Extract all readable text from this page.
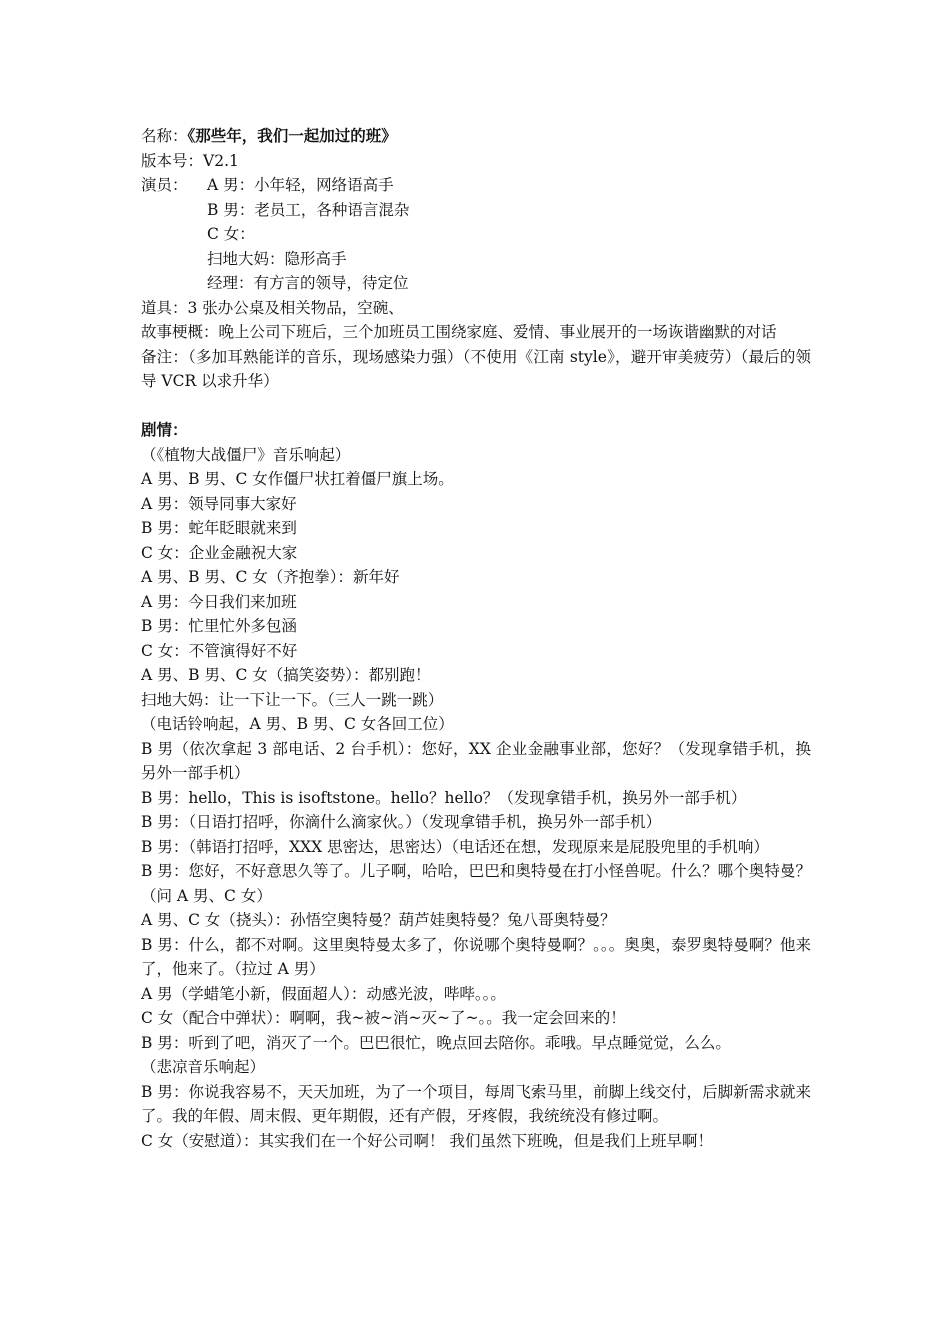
名称：《那些年，我们一起加过的班》
版本号：V2.1
演员：	A 男：小年轻，网络语高手
B 男：老员工，各种语言混杂
C 女：
扫地大妈：隐形高手
经理：有方言的领导，待定位
道具：3 张办公桌及相关物品，空碗、
故事梗概：晚上公司下班后，三个加班员工围绕家庭、爱情、事业展开的一场诙谐幽默的对话
备注：（多加耳熟能详的音乐，现场感染力强）（不使用《江南 style》，避开审美疲劳）（最后的领导 VCR 以求升华）
剧情：
（《植物大战僵尸》音乐响起）
A 男、B 男、C 女作僵尸状扛着僵尸旗上场。
A 男：领导同事大家好
B 男：蛇年眨眼就来到
C 女：企业金融祝大家
A 男、B 男、C 女（齐抱拳）：新年好
A 男：今日我们来加班
B 男：忙里忙外多包涵
C 女：不管演得好不好
A 男、B 男、C 女（搞笑姿势）：都别跑！
扫地大妈：让一下让一下。（三人一跳一跳）
（电话铃响起，A 男、B 男、C 女各回工位）
B 男（依次拿起 3 部电话、2 台手机）：您好，XX 企业金融事业部，您好？（发现拿错手机，换另外一部手机）
B 男：hello，This is isoftstone。hello？hello？（发现拿错手机，换另外一部手机）
B 男：（日语打招呼，你滴什么滴家伙。）（发现拿错手机，换另外一部手机）
B 男：（韩语打招呼，XXX 思密达，思密达）（电话还在想，发现原来是屁股兜里的手机响）
B 男：您好，不好意思久等了。儿子啊，哈哈，巴巴和奥特曼在打小怪兽呢。什么？哪个奥特曼？（问 A 男、C 女）
A 男、C 女（挠头）：孙悟空奥特曼？葫芦娃奥特曼？兔八哥奥特曼？
B 男：什么，都不对啊。这里奥特曼太多了，你说哪个奥特曼啊？。。。奥奥，泰罗奥特曼啊？他来了，他来了。（拉过 A 男）
A 男（学蜡笔小新，假面超人）：动感光波，哔哔。。。
C 女（配合中弹状）：啊啊，我~被~消~灭~了~。。我一定会回来的！
B 男：听到了吧，消灭了一个。巴巴很忙，晚点回去陪你。乖哦。早点睡觉觉，么么。
（悲凉音乐响起）
B 男：你说我容易不，天天加班，为了一个项目，每周飞索马里，前脚上线交付，后脚新需求就来了。我的年假、周末假、更年期假，还有产假，牙疼假，我统统没有修过啊。
C 女（安慰道）：其实我们在一个好公司啊！ 我们虽然下班晚，但是我们上班早啊！
